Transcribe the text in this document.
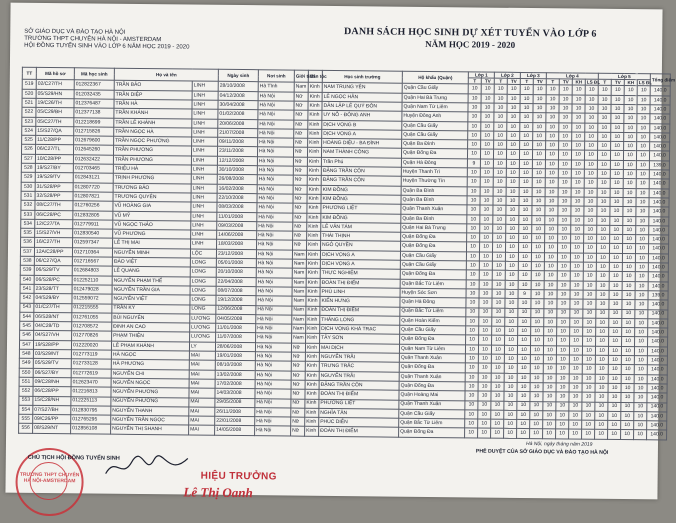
SỞ GIÁO DỤC VÀ ĐÀO TẠO HÀ NỘI
TRƯỜNG THPT CHUYÊN HÀ NỘI - AMSTERDAM
HỘI ĐỒNG TUYỂN SINH VÀO LỚP 6 NĂM HỌC 2019 - 2020
DANH SÁCH HỌC SINH DỰ XÉT TUYỂN VÀO LỚP 6
NĂM HỌC 2019 - 2020
TT	Mã hồ sơ	Mã học sinh	Họ và tên		Ngày sinh	Nơi sinh	Giới tính	Dân tộc	Học sinh trường	Hộ khẩu (Quận)	Lớp 1		Lớp 2		Lớp 3		Lớp 4				Lớp 5				Tổng điểm
											T	TV	T	TV	T	TV	T	TV	KH	LS ĐL	T	TV	KH	LS ĐL	
519	02/C27/TH	012822367	TRẦN BẢO	LINH	28/10/2008	Hà Tĩnh	Nam	Kinh	NAM TRUNG YÊN	Quận Cầu Giấy	10	10	10	10	10	10	10	10	10	10	10	10	10	10	140.0
520	05/S29/HN	012032435	TRẦN DIỆP	LINH	04/12/2008	Hà Nội	Nữ	Kinh	LÊ NGỌC HÂN	Quận Hai Bà Trưng	10	10	10	10	10	10	10	10	10	10	10	10	10	10	140.0
521	19/C26/TH	012376487	TRẦN HÀ	LINH	30/04/2008	Hà Nội	Nữ	Kinh	DÂN LẬP LÊ QUÝ ĐÔN	Quận Nam Từ Liêm	10	10	10	10	10	10	10	10	10	10	10	10	10	10	140.0
522	05/C29/BH	012377138	TRẦN KHÁNH	LINH	01/02/2008	Hà Nội	Nữ	Kinh	UY NỖ - ĐÔNG ANH	Huyện Đông Anh	10	10	10	10	10	10	10	10	10	10	10	10	10	10	140.0
523	05/C27/TH	012218699	TRẦN LÊ KHÁNH	LINH	20/06/2008	Hà Nội	Nữ	Kinh	DỊCH VỌNG B	Quận Cầu Giấy	10	10	10	10	10	10	10	10	10	10	10	10	10	10	140.0
524	15/S27/QA	012715826	TRẦN NGỌC HÀ	LINH	21/07/2008	Hà Nội	Nữ	Kinh	DỊCH VỌNG A	Quận Cầu Giấy	10	10	10	10	10	10	10	10	10	10	10	10	10	10	140.0
525	11/C28/PP	012679600	TRẦN NGỌC PHƯƠNG	LINH	09/11/2008	Hà Nội	Nữ	Kinh	HOÀNG DIỆU - BA ĐÌNH	Quận Ba Đình	10	10	10	10	10	10	10	10	10	10	10	10	10	10	140.0
526	06/C27/TL	012645260	TRẦN PHƯƠNG	LINH	23/11/2008	Hà Nội	Nữ	Kinh	NAM THÀNH CÔNG	Quận Đống Đa	10	10	10	10	10	10	10	10	10	10	10	10	10	10	140.0
527	10/C28/PP	012632422	TRẦN PHƯƠNG	LINH	12/12/2008	Hà Nội	Nữ	Kinh	Trần Phú	Quận Hà Đông	9	10	10	10	10	10	10	10	10	10	10	10	10	10	139.0
528	19/S27/BY	012703465	TRIỆU HÀ	LINH	30/10/2008	Hà Nội	Nữ	Kinh	ĐẶNG TRẦN CÔN	Huyện Thanh Trì	10	10	10	10	10	10	10	10	10	10	10	10	10	10	140.0
529	19/S29/TV	012843121	TRỊNH PHƯƠNG	LINH	26/08/2008	Hà Nội	Nữ	Kinh	ĐẶNG TRẦN CÔN	Huyện Thường Tín	10	10	10	10	10	10	10	10	10	10	10	10	10	10	140.0
530	31/S28/PP	012807720	TRƯƠNG BẢO	LINH	16/02/2008	Hà Nội	Nữ	Kinh	KIM ĐỒNG	Quận Ba Đình	10	10	10	10	10	10	10	10	10	10	10	10	10	10	140.0
531	32/S28/PP	012807821	TRƯƠNG QUYÊN	LINH	22/10/2008	Hà Nội	Nữ	Kinh	KIM ĐỒNG	Quận Ba Đình	10	10	10	10	10	10	10	10	10	10	10	10	10	10	140.0
532	08/C27/TH	012760256	VŨ HOÀNG GIA	LINH	08/03/2008	Hà Nội	Nữ	Kinh	PHƯƠNG LIỆT	Quận Thanh Xuân	10	10	10	10	10	10	10	10	10	10	10	10	10	10	140.0
533	06/C28/PC	012832805	VŨ MỸ	LINH	11/01/2008	Hà Nội	Nữ	Kinh	KIM ĐỒNG	Quận Ba Đình	10	10	10	10	10	10	10	10	10	10	10	10	10	10	140.0
534	12/C27/TA	012779911	VŨ NGỌC THẢO	LINH	09/03/2008	Hà Nội	Nữ	Kinh	LÊ VĂN TÁM	Quận Hai Bà Trưng	10	10	10	10	10	10	10	10	10	10	10	10	10	10	140.0
535	15/S27/VH	012830540	VŨ PHƯƠNG	LINH	14/06/2008	Hà Nội	Nữ	Kinh	THÁI THỊNH	Quận Đống Đa	10	10	10	10	10	10	10	10	10	10	10	10	10	10	140.0
536	16/C27/TH	012597347	LÊ THỊ MAI	LINH	18/03/2008	Hà Nội	Nữ	Kinh	NGÔ QUYỀN	Quận Đống Đa	10	10	10	10	10	10	10	10	10	10	10	10	10	10	140.0
537	12A/C28/PP	012710364	NGUYỄN MINH	LỘC	23/12/2008	Hà Nội	Nam	Kinh	DỊCH VỌNG A	Quận Cầu Giấy	10	10	10	10	10	10	10	10	10	10	10	10	10	10	140.0
538	06/C27/QA	012716567	ĐÀO VIỆT	LONG	05/01/2008	Hà Nội	Nam	Kinh	DỊCH VỌNG A	Quận Cầu Giấy	10	10	10	10	10	10	10	10	10	10	10	10	10	10	140.0
539	06/S29/TV	012684803	LÊ QUANG	LONG	20/10/2008	Hà Nội	Nam	Kinh	THỰC NGHIỆM	Quận Đống Đa	10	10	10	10	10	10	10	10	10	10	10	10	10	10	140.0
540	06/S28/PC	012252110	NGUYỄN PHẠM THẾ	LONG	22/04/2008	Hà Nội	Nam	Kinh	ĐOÀN THỊ ĐIỂM	Quận Bắc Từ Liêm	10	10	10	10	10	10	10	10	10	10	10	10	10	10	140.0
541	23/S28/TT	012479028	NGUYỄN TRẦN GIA	LONG	08/07/2008	Hà Nội	Nam	Kinh	PHÙ LINH	Huyện Sóc Sơn	10	10	10	10	9	10	10	10	10	10	10	10	10	10	139.0
542	04/S29/BY	012559072	NGUYỄN VIỆT	LONG	19/12/2008	Hà Nội	Nam	Kinh	KIẾN HƯNG	Quận Hà Đông	10	10	10	10	10	10	10	10	10	10	10	10	10	10	140.0
543	01/C27/TH	012215555	TRẦN KỲ	LONG	12/06/2008	Hà Nội	Nam	Kinh	ĐOÀN THỊ ĐIỂM	Quận Bắc Từ Liêm	10	10	10	10	10	10	10	10	10	10	10	10	10	10	140.0
544	06/S28/NT	012761055	BÙI NGUYÊN	LƯƠNG	04/05/2008	Hà Nội	Nam	Kinh	THĂNG LONG	Quận Hoàn Kiếm	10	10	10	10	10	10	10	10	10	10	10	10	10	10	140.0
545	04/C28/TD	012708572	ĐINH AN CAO	LƯƠNG	11/01/2008	Hà Nội	Nam	Kinh	DỊCH VỌNG KHÁ TRẠC	Quận Cầu Giấy	10	10	10	10	10	10	10	10	10	10	10	10	10	10	140.0
546	04/S27/VH	012770826	PHẠM THIỆN	LƯƠNG	11/07/2008	Hà Nội	Nam	Kinh	TÂY SƠN	Quận Đống Đa	10	10	10	10	10	10	10	10	10	10	10	10	10	10	140.0
547	19/S28/PP	012220020	LÊ PHẠM KHÁNH	LY	28/06/2008	Hà Nội	Nữ	Kinh	MAI DỊCH	Quận Nam Từ Liêm	10	10	10	10	10	10	10	10	10	10	10	10	10	10	140.0
548	03/S29/NT	012773119	HÀ NGỌC	MAI	19/01/2008	Hà Nội	Nữ	Kinh	NGUYỄN TRÃI	Quận Thanh Xuân	10	10	10	10	10	10	10	10	10	10	10	10	10	10	140.0
549	05/S29/TV	012733128	HÀ PHƯƠNG	MAI	08/10/2008	Hà Nội	Nữ	Kinh	TRƯNG TRẮC	Quận Đống Đa	10	10	10	10	10	10	10	10	10	10	10	10	10	10	140.0
550	06/S27/BY	012772619	NGUYỄN CHI	MAI	13/02/2008	Hà Nội	Nữ	Kinh	NGUYỄN TRÃI	Quận Thanh Xuân	10	10	10	10	10	10	10	10	10	10	10	10	10	10	140.0
551	09/C28/NH	012623470	NGUYỄN NGỌC	MAI	17/02/2008	Hà Nội	Nữ	Kinh	ĐẶNG TRẦN CÔN	Quận Đống Đa	10	10	10	10	10	10	10	10	10	10	10	10	10	10	140.0
552	06/C28/PP	012216813	NGUYỄN PHƯƠNG	MAI	14/03/2008	Hà Nội	Nữ	Kinh	ĐOÀN THỊ ĐIỂM	Quận Hoàng Mai	10	10	10	10	10	10	10	10	10	10	10	10	10	10	140.0
553	15/C28/NH	012225113	NGUYỄN PHƯƠNG	MAI	29/05/2008	Hà Nội	Nữ	Kinh	PHƯƠNG LIỆT	Quận Thanh Xuân	10	10	10	10	10	10	10	10	10	10	10	10	10	10	140.0
554	07/S27/BH	012830795	NGUYỄN THANH	MAI	26/11/2008	Hà Nội	Nữ	Kinh	NGHĨA TÂN	Quận Cầu Giấy	10	10	10	10	10	10	10	10	10	10	10	10	10	10	140.0
555	09/C26/PP	012765295	NGUYỄN TRẦN NGỌC	MAI	22/01/2008	Hà Nội	Nữ	Kinh	PHÚC DIỄN	Quận Bắc Từ Liêm	10	10	10	10	10	10	10	10	10	10	10	10	10	10	140.0
556	08/S29/NT	012856108	NGUYỄN THỊ SHANH	MAI	14/05/2008	Hà Nội	Nữ	Kinh	ĐOÀN THỊ ĐIỂM	Quận Đống Đa	10	10	10	10	10	10	10	10	10	10	10	10	10	10	140.0
Hà Nội, ngày tháng năm 2019
PHÊ DUYỆT CỦA SỞ GIÁO DỤC VÀ ĐÀO TẠO HÀ NỘI
TRƯỜNG THPT CHUYÊN HÀ NỘI-AMSTERDAM
CHỦ TỊCH HỘI ĐỒNG TUYỂN SINH
HIỆU TRƯỞNG
Lê Thị Oanh
